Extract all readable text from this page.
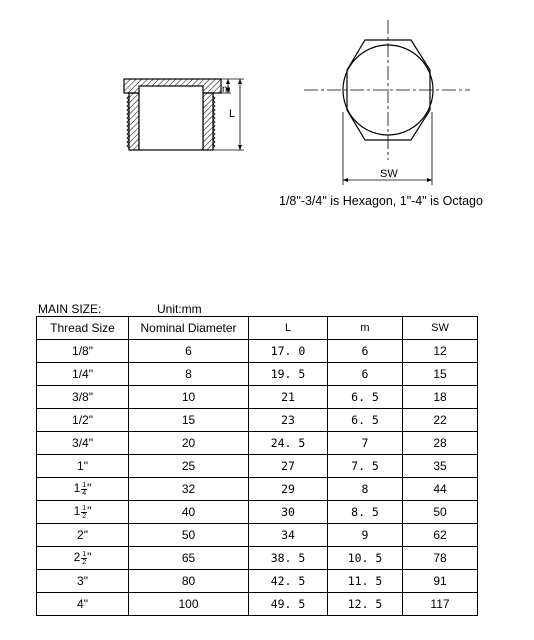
m
L
SW
1/8"-3/4" is Hexagon, 1"-4" is Octago
MAIN SIZE:	Unit:mm
Thread Size	Nominal Diameter	L	m	SW
1/8"	6	17. 0	6	12
1/4"	8	19. 5	6	15
3/8"	10	21	6. 5	18
1/2"	15	23	6. 5	22
3/4"	20	24. 5	7	28
1"	25	27	7. 5	35
$1 \frac{1}{4}$ "	32	29	8	44
$1 \frac{1}{2}$ "	40	30	8. 5	50
2"	50	34	9	62
$2 \frac{1}{2}$ "	65	38. 5	10. 5	78
3"	80	42. 5	11. 5	91
4"	100	49. 5	12. 5	117
